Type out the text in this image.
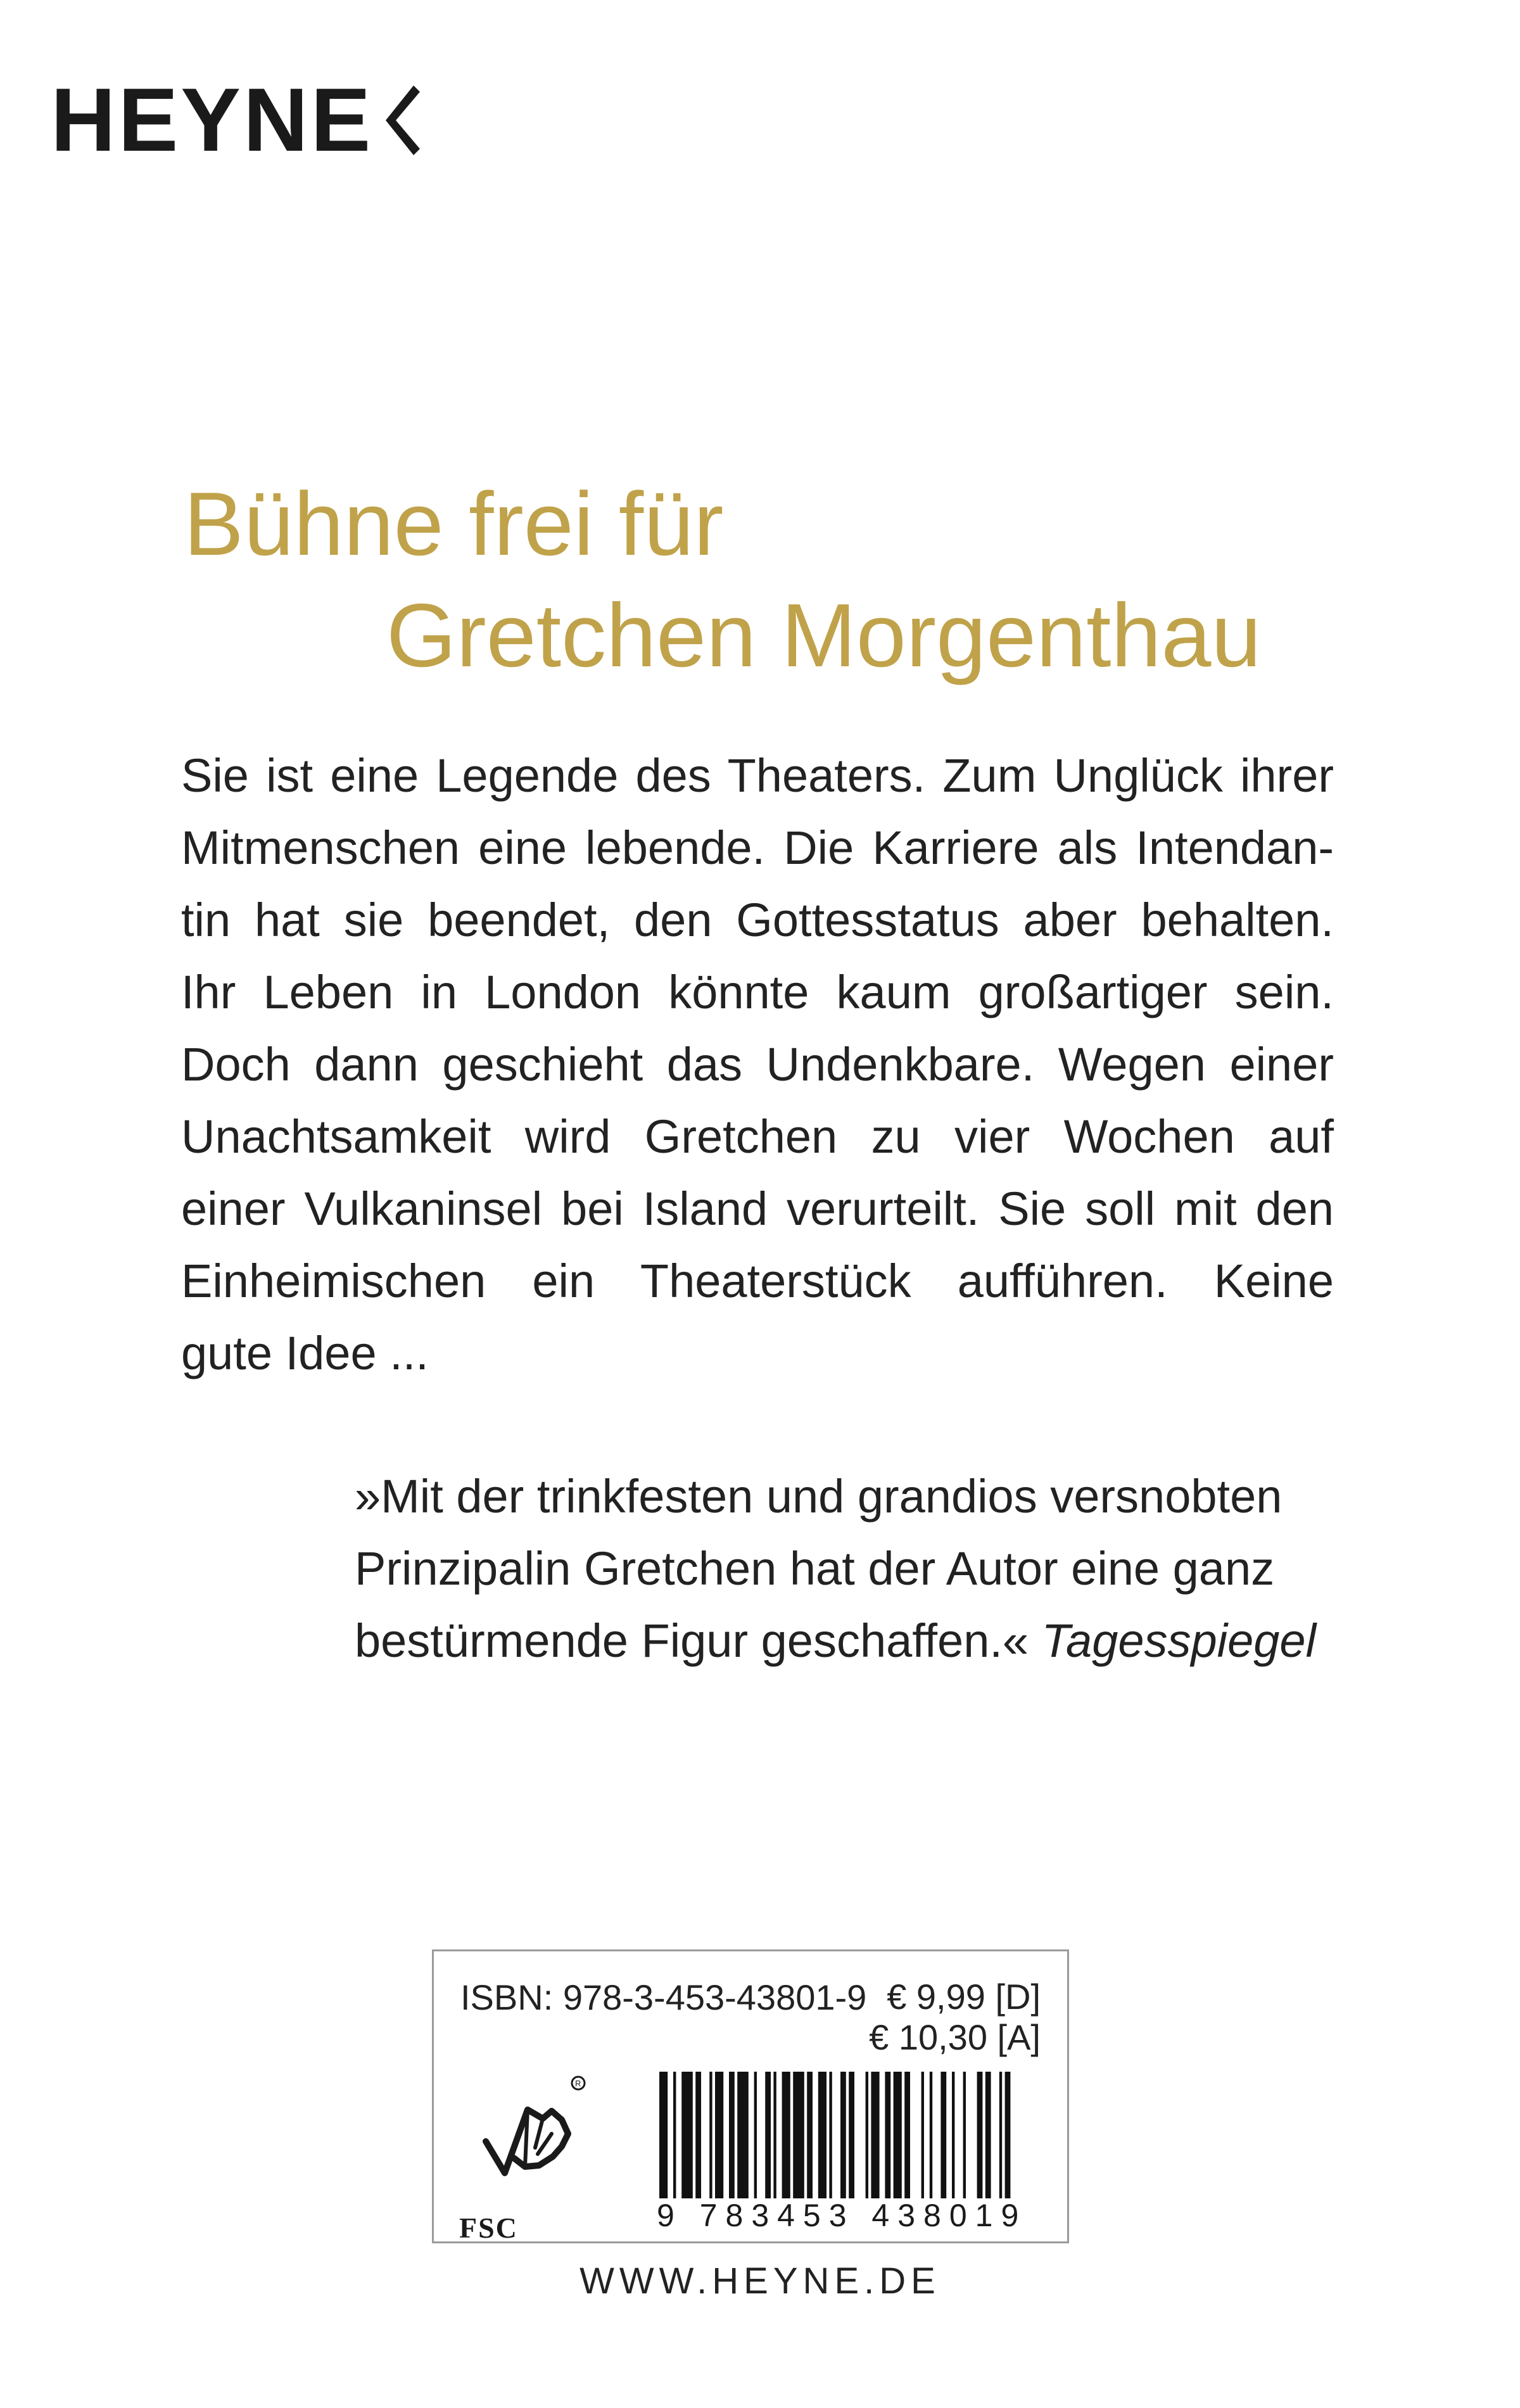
HEYNE
Bühne frei für
Gretchen Morgenthau
Sie ist eine Legende des Theaters. Zum Unglück ihrer
Mitmenschen eine lebende. Die Karriere als Intendan-
tin hat sie beendet, den Gottesstatus aber behalten.
Ihr Leben in London könnte kaum großartiger sein.
Doch dann geschieht das Undenkbare. Wegen einer
Unachtsamkeit wird Gretchen zu vier Wochen auf
einer Vulkaninsel bei Island verurteilt. Sie soll mit den
Einheimischen ein Theaterstück aufführen. Keine
gute Idee ...
»Mit der trinkfesten und grandios versnobten
Prinzipalin Gretchen hat der Autor eine ganz
bestürmende Figur geschaffen.« Tagesspiegel
ISBN: 978-3-453-43801-9 € 9,99 [D]
€ 10,30 [A]
R
FSC	9 783453 438019
WWW.HEYNE.DE
